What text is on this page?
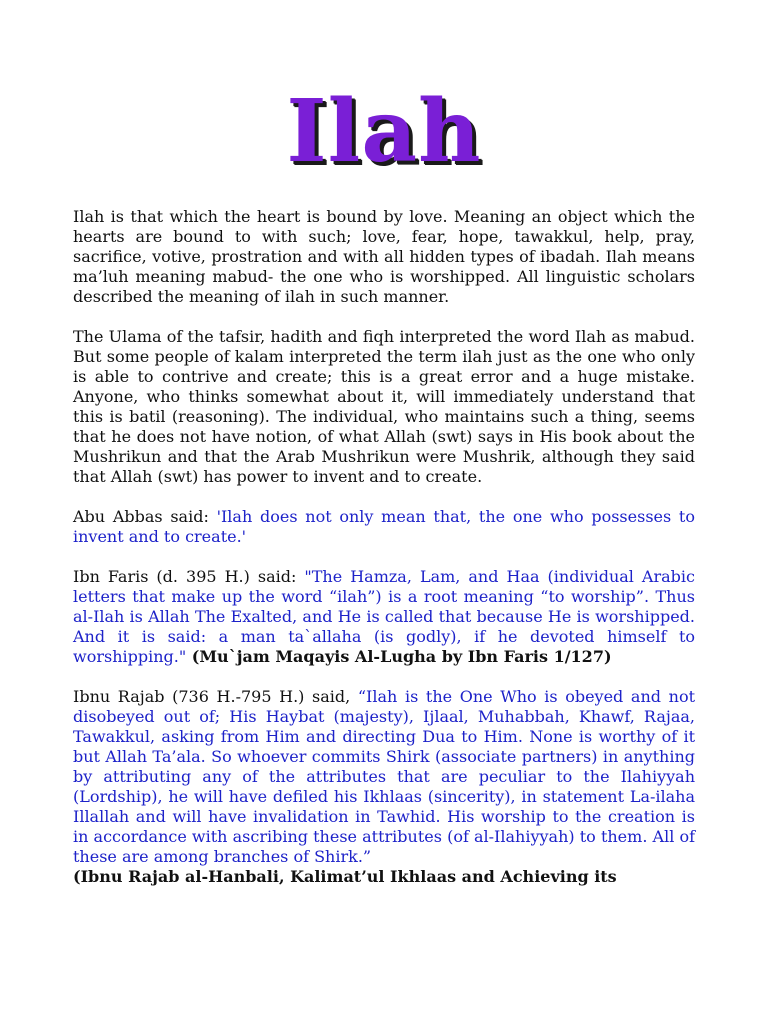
Ilah

Ilah is that which the heart is bound by love. Meaning an object which the hearts are bound to with such; love, fear, hope, tawakkul, help, pray, sacrifice, votive, prostration and with all hidden types of ibadah. Ilah means ma’luh meaning mabud- the one who is worshipped. All linguistic scholars described the meaning of ilah in such manner.

The Ulama of the tafsir, hadith and fiqh interpreted the word Ilah as mabud. But some people of kalam interpreted the term ilah just as the one who only is able to contrive and create; this is a great error and a huge mistake. Anyone, who thinks somewhat about it, will immediately understand that this is batil (reasoning). The individual, who maintains such a thing, seems that he does not have notion, of what Allah (swt) says in His book about the Mushrikun and that the Arab Mushrikun were Mushrik, although they said that Allah (swt) has power to invent and to create.

Abu Abbas said: 'Ilah does not only mean that, the one who possesses to invent and to create.'

Ibn Faris (d. 395 H.) said: "The Hamza, Lam, and Haa (individual Arabic letters that make up the word “ilah”) is a root meaning “to worship”. Thus al-Ilah is Allah The Exalted, and He is called that because He is worshipped. And it is said: a man ta`allaha (is godly), if he devoted himself to worshipping." (Mu`jam Maqayis Al-Lugha by Ibn Faris 1/127)

Ibnu Rajab (736 H.-795 H.) said, “Ilah is the One Who is obeyed and not disobeyed out of; His Haybat (majesty), Ijlaal, Muhabbah, Khawf, Rajaa, Tawakkul, asking from Him and directing Dua to Him. None is worthy of it but Allah Ta’ala. So whoever commits Shirk (associate partners) in anything by attributing any of the attributes that are peculiar to the Ilahiyyah (Lordship), he will have defiled his Ikhlaas (sincerity), in statement La-ilaha Illallah and will have invalidation in Tawhid. His worship to the creation is in accordance with ascribing these attributes (of al-Ilahiyyah) to them. All of these are among branches of Shirk.”
(Ibnu Rajab al-Hanbali, Kalimat’ul Ikhlaas and Achieving its
